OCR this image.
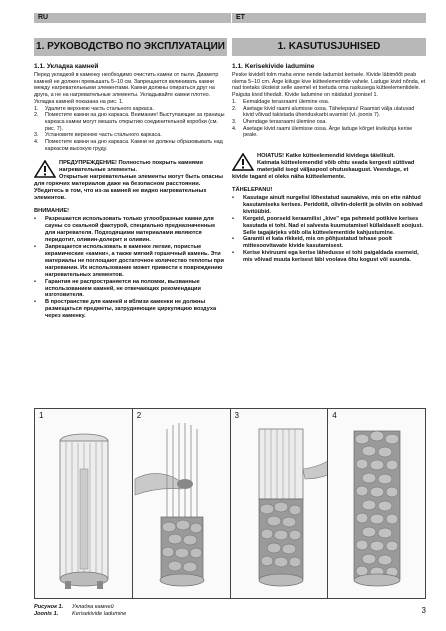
RU	ET
1. РУКОВОДСТВО ПО ЭКСПЛУАТАЦИИ
1.1. Укладка камней
Перед укладкой в каменку необходимо очистить камни от пыли. Диаметр камней не должен превышать 5–10 см. Запрещается вклинивать камни между нагревательными элементами. Камни должны опираться друг на друга, а не на нагревательные элементы. Укладывайте камни плотно. Укладка камней показана на рис. 1.
1.	Удалите верхнюю часть стального каркаса.
2.	Поместите камни на дно каркаса. Внимание! Выступающие за границы каркаса камни могут мешать открытию соединительной коробки (см. рис. 7).
3.	Установите верхнюю часть стального каркаса.
4.	Поместите камни на дно каркаса. Камни не должны образовывать над каркасом высокую груду.
ПРЕДУПРЕЖДЕНИЕ! Полностью покрыть камнями нагревательные элементы.
Открытые нагревательные элементы могут быть опасны для горючих материалов даже на безопасном расстоянии. Убедитесь в том, что из-за камней не видно нагревательных элементов.
ВНИМАНИЕ!
•	Разрешается использовать только углообразные камни для сауны со скальной фактурой, специально предназначенные для нагревателя. Подходящими материалами являются перидотит, оливин-долерит и оливин.
•	Запрещается использовать в каменке легкие, пористые керамические «камни», а также мягкий горшечный камень. Эти материалы не поглощают достаточное количество теплоты при нагревании. Их использование может привести к повреждению нагревательных элементов.
•	Гарантия не распространяется на поломки, вызванные использованием камней, не отвечающих рекомендации изготовителя.
•	В пространстве для камней и вблизи каменки не должны размещаться предметы, затрудняющие циркуляцию воздуха через каменку.
1. KASUTUSJUHISED
1.1. Kerisekivide ladumine
Peske kividelt tolm maha enne nende ladumist kerisele. Kivide läbimõõt peab olema 5–10 cm. Ärge kiiluge kive kütteelementide vahele. Laduge kivid nõnda, et nad toetaks üksteist selle asemel et toetuda oma raskusega kütteelementidele. Paiguta kivid tihedalt. Kivide ladumine on näidatud joonisel 1.
1.	Eemaldage terasraami ülemine osa.
2.	Asetage kivid raami alumisse ossa. Tähelepanu! Raamist välja ulatuvad kivid võivad takistada ühenduskarbi avamist (vt. joonis 7).
3.	Ühendage terasraami ülemine osa.
4.	Asetage kivid raami ülemisse ossa. Ärge laduge kõrget kivikuhja kerise peale.
HOIATUS! Katke kütteelemendid kividega täielikult.
Katmata kütteelemendid võib ohtu seada kergesti süttivad materjalid isegi väljaspool ohutuskaugust. Veenduge, et kivide tagant ei oleks näha kütteelemente.
TÄHELEPANU!
•	Kasutage ainult nurgelisi lõhestatud saunakive, mis on ette nähtud kasutamiseks kerises. Peridotiit, oliviin-doleriit ja oliviin on sobivad kivitüübid.
•	Kergeid, poorseid keraamilisi „kive" ega pehmeid potikive kerises kasutada ei tohi. Nad ei salvesta kuumutamisel küllaldaselt soojust. Selle tagajärjeks võib olla kütteelementide kahjustumine.
•	Garantii ei kata rikkeid, mis on põhjustatud tehase poolt mittesoovitavate kivide kasutamisest.
•	Kerise kiviruumi ega kerise lähedusse ei tohi paigaldada esemeid, mis võivad muuta kerisest läbi voolava õhu kogust või suunda.
1	2	3	4
Рисунок 1. Укладка камней
Joonis 1. Kerisekivide ladumine	3
